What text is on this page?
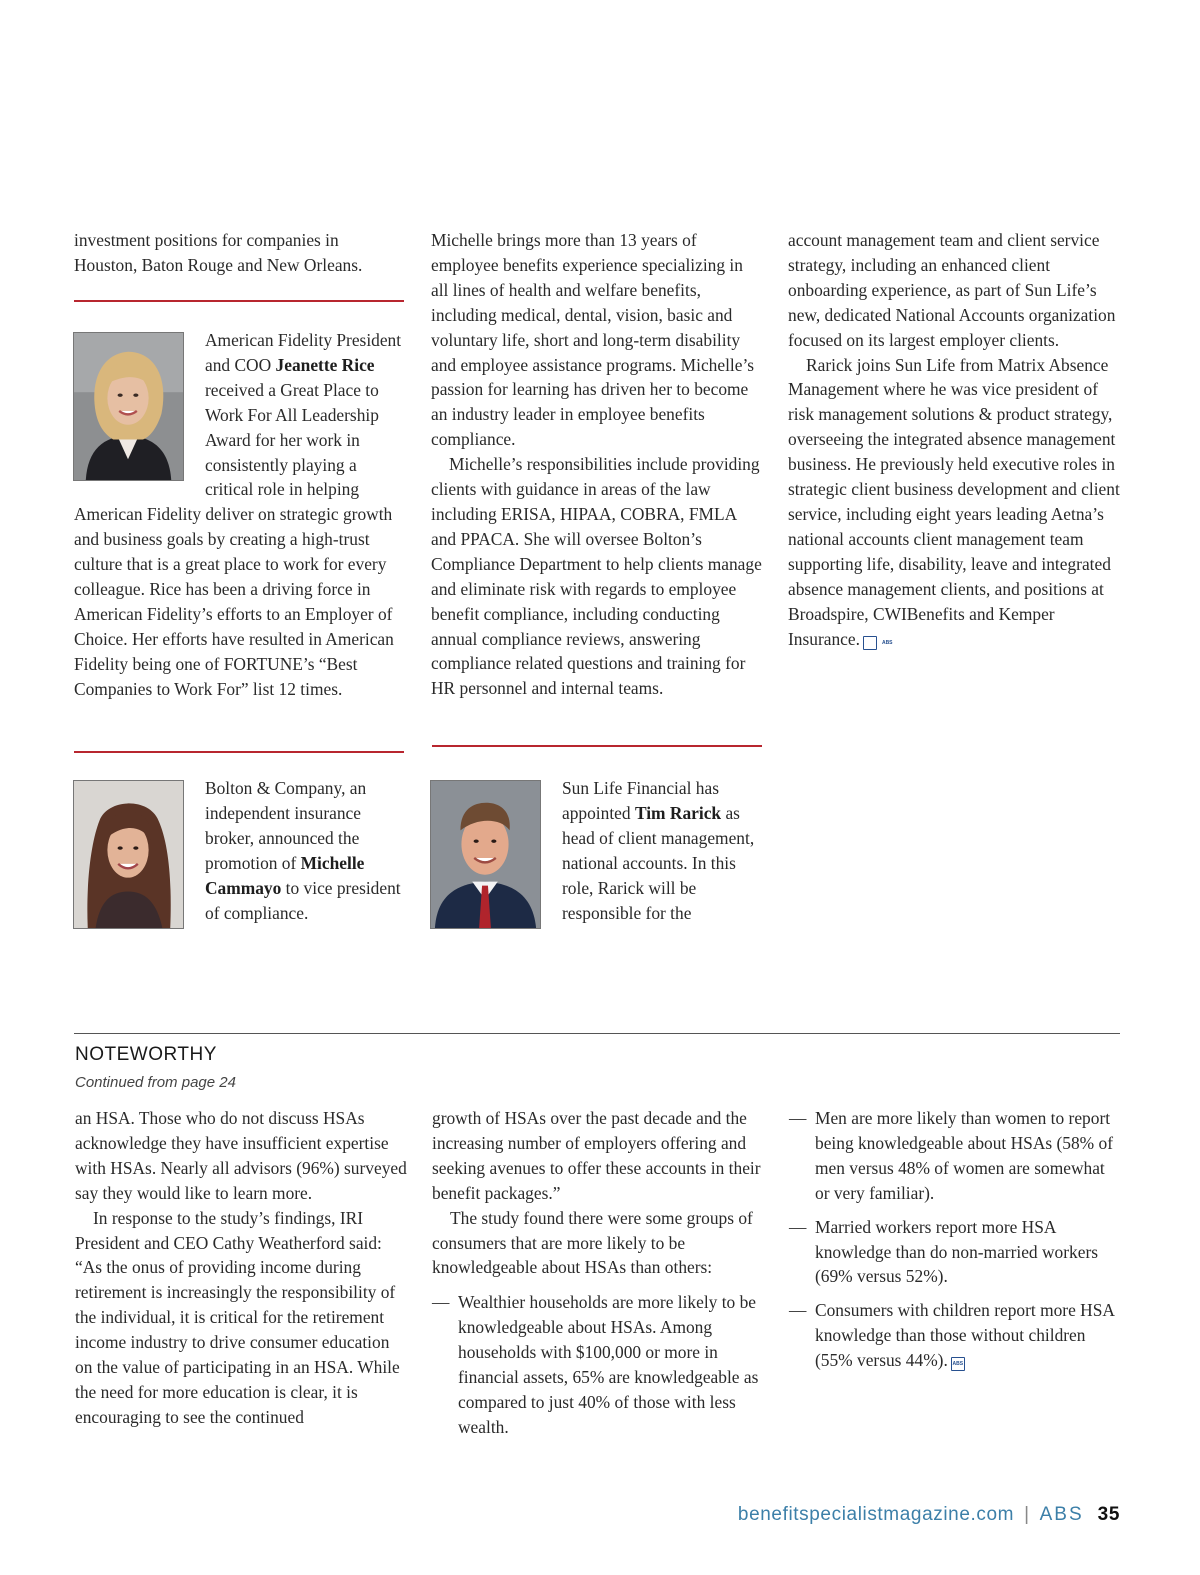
investment positions for companies in Houston, Baton Rouge and New Orleans.

American Fidelity President and COO Jeanette Rice received a Great Place to Work For All Leadership Award for her work in consistently playing a critical role in helping American Fidelity deliver on strategic growth and business goals by creating a high-trust culture that is a great place to work for every colleague. Rice has been a driving force in American Fidelity’s efforts to an Employer of Choice. Her efforts have resulted in American Fidelity being one of FORTUNE’s “Best Companies to Work For” list 12 times.
Bolton & Company, an independent insurance broker, announced the promotion of Michelle Cammayo to vice president of compliance.

Michelle brings more than 13 years of employee benefits experience specializing in all lines of health and welfare benefits, including medical, dental, vision, basic and voluntary life, short and long-term disability and employee assistance programs. Michelle’s passion for learning has driven her to become an industry leader in employee benefits compliance.

Michelle’s responsibilities include providing clients with guidance in areas of the law including ERISA, HIPAA, COBRA, FMLA and PPACA. She will oversee Bolton’s Compliance Department to help clients manage and eliminate risk with regards to employee benefit compliance, including conducting annual compliance reviews, answering compliance related questions and training for HR personnel and internal teams.

Sun Life Financial has appointed Tim Rarick as head of client management, national accounts. In this role, Rarick will be responsible for the

account management team and client service strategy, including an enhanced client onboarding experience, as part of Sun Life’s new, dedicated National Accounts organization focused on its largest employer clients.

Rarick joins Sun Life from Matrix Absence Management where he was vice president of risk management solutions & product strategy, overseeing the integrated absence management business. He previously held executive roles in strategic client business development and client service, including eight years leading Aetna’s national accounts client management team supporting life, disability, leave and integrated absence management clients, and positions at Broadspire, CWIBenefits and Kemper Insurance.	ABS

NOTEWORTHY
Continued from page 24

an HSA. Those who do not discuss HSAs acknowledge they have insufficient expertise with HSAs. Nearly all advisors (96%) surveyed say they would like to learn more.

In response to the study’s findings, IRI President and CEO Cathy Weatherford said: “As the onus of providing income during retirement is increasingly the responsibility of the individual, it is critical for the retirement income industry to drive consumer education on the value of participating in an HSA. While the need for more education is clear, it is encouraging to see the continued

growth of HSAs over the past decade and the increasing number of employers offering and seeking avenues to offer these accounts in their benefit packages.”

The study found there were some groups of consumers that are more likely to be knowledgeable about HSAs than others:

— Wealthier households are more likely to be knowledgeable about HSAs. Among households with $100,000 or more in financial assets, 65% are knowledgeable as compared to just 40% of those with less wealth.
— Men are more likely than women to report being knowledgeable about HSAs (58% of men versus 48% of women are somewhat or very familiar).
— Married workers report more HSA knowledge than do non-married workers (69% versus 52%).
— Consumers with children report more HSA knowledge than those without children (55% versus 44%). ABS
benefitspecialistmagazine.com | ABS 35
